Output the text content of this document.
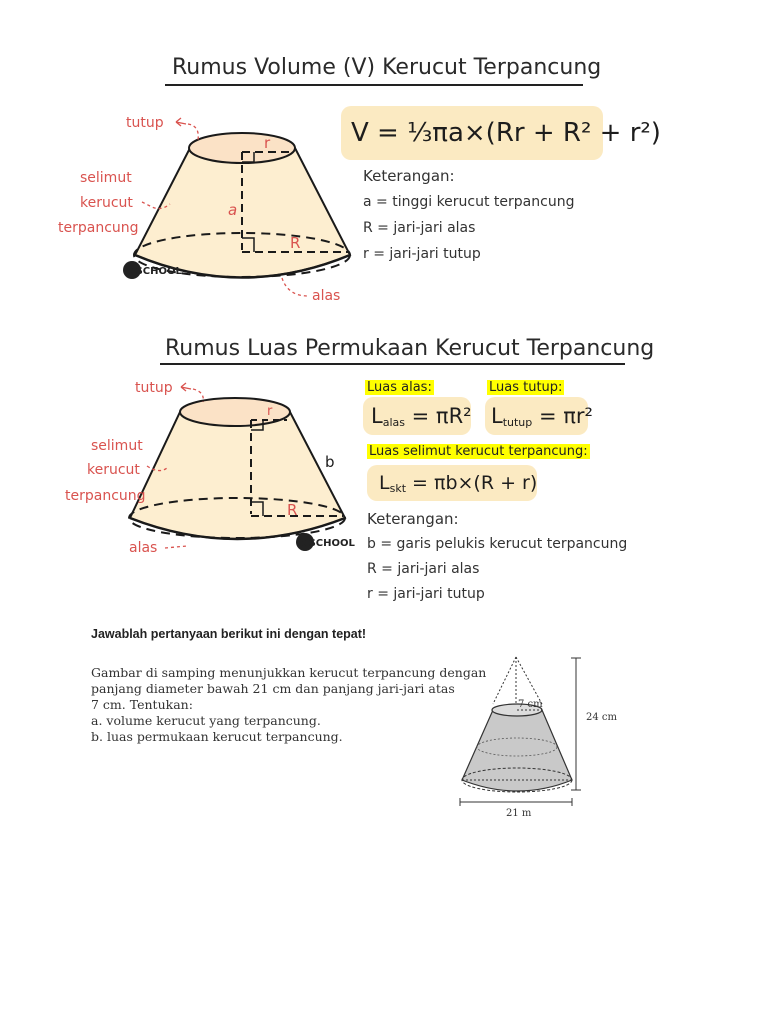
Rumus Volume (V) Kerucut Terpancung
r
a
R
tutup
selimut
kerucut
terpancung
alas
idSCHOOL
V = ⅓πa×(Rr + R² + r²)
Keterangan:
a = tinggi kerucut terpancung
R = jari-jari alas
r = jari-jari tutup
Rumus Luas Permukaan Kerucut Terpancung
r
b
R
tutup
selimut
kerucut
terpancung
alas	idSCHOOL
Luas alas:
Lalas = πR²
Luas tutup:
Ltutup = πr²
Luas selimut kerucut terpancung:
Lskt = πb×(R + r)
Keterangan:
b = garis pelukis kerucut terpancung
R = jari-jari alas
r = jari-jari tutup
Jawablah pertanyaan berikut ini dengan tepat!
Gambar di samping menunjukkan kerucut terpancung dengan
panjang diameter bawah 21 cm dan panjang jari-jari atas
7 cm. Tentukan:
a. volume kerucut yang terpancung.
b. luas permukaan kerucut terpancung.
7 cm
24 cm
21 m
